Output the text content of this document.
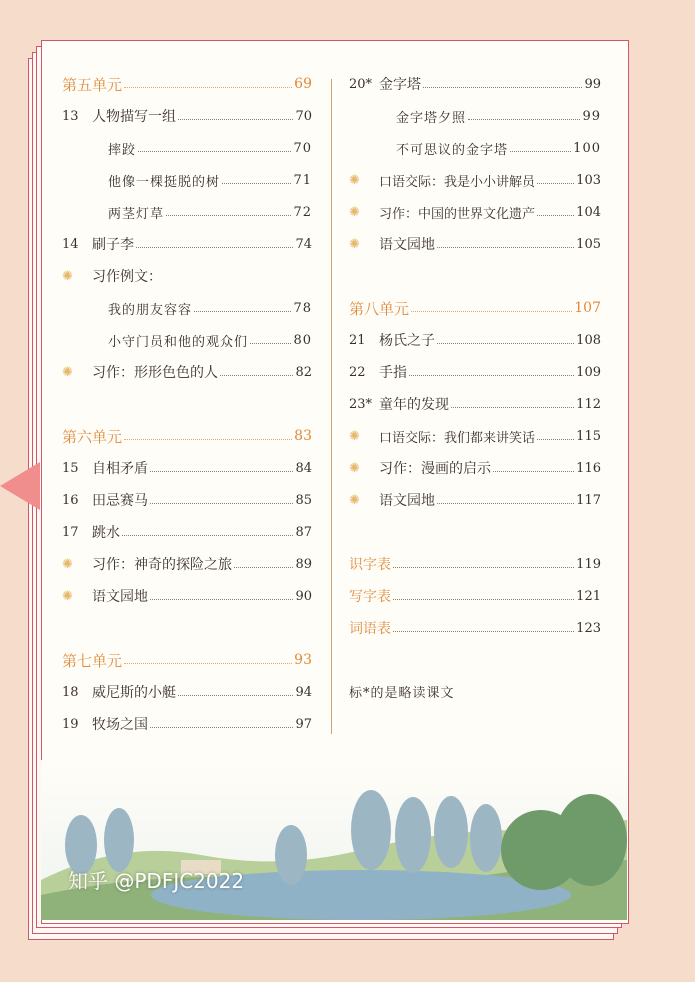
第五单元	69
13 人物描写一组	70
摔跤	70
他像一棵挺脱的树	71
两茎灯草	72
14 刷子李	74
✺	习作例文：
我的朋友容容	78
小守门员和他的观众们	80
✺	习作：形形色色的人	82
第六单元	83
15 自相矛盾	84
16 田忌赛马	85
17 跳水	87
✺	习作：神奇的探险之旅	89
✺	语文园地	90
第七单元	93
18 威尼斯的小艇	94
19 牧场之国	97
20* 金字塔	99
金字塔夕照	99
不可思议的金字塔	100
✺	口语交际：我是小小讲解员	103
✺	习作：中国的世界文化遗产	104
✺	语文园地	105
第八单元	107
21 杨氏之子	108
22 手指	109
23* 童年的发现	112
✺	口语交际：我们都来讲笑话	115
✺	习作：漫画的启示	116
✺	语文园地	117
识字表	119
写字表	121
词语表	123
标*的是略读课文
知乎 @PDFJC2022
